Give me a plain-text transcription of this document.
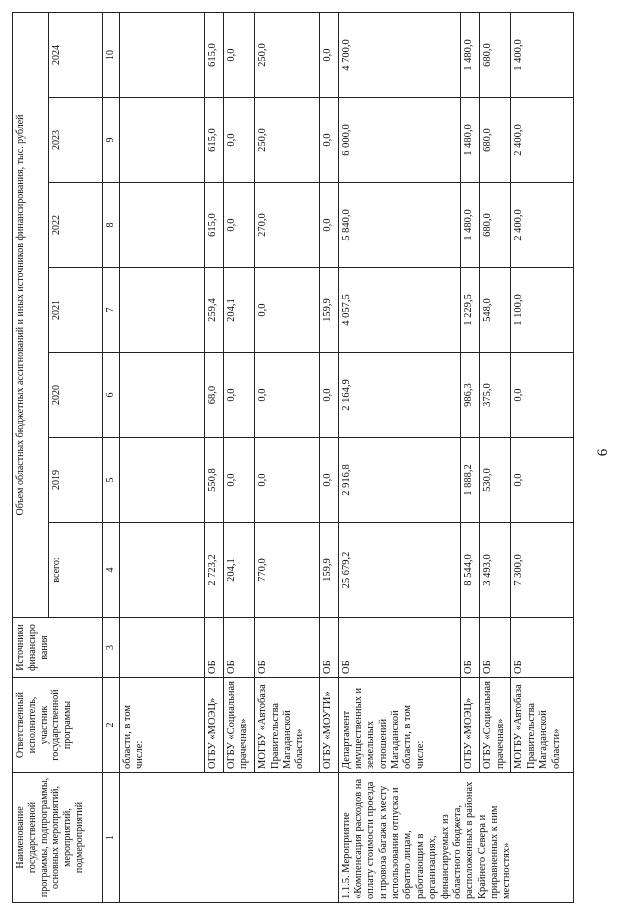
Наименование государственной программы, подпрограммы, основных мероприятий, мероприятий, подмероприятий	Ответственный исполнитель, участник государственной программы	Источники финансиро вания	Объем областных бюджетных ассигнований и иных источников финансирования, тыс. рублей						
			всего:	2019	2020	2021	2022	2023	2024
1	2	3	4	5	6	7	8	9	10
	области, в том числе:								
	ОГБУ «МОЭЦ»	ОБ	2 723,2	550,8	68,0	259,4	615,0	615,0	615,0
	ОГБУ «Социальная прачечная»	ОБ	204,1	0,0	0,0	204,1	0,0	0,0	0,0
	МОГБУ «Автобаза Правительства Магаданской области»	ОБ	770,0	0,0	0,0	0,0	270,0	250,0	250,0
	ОГБУ «МОУТИ»	ОБ	159,9	0,0	0,0	159,9	0,0	0,0	0,0
1.1.5. Мероприятие «Компенсация расходов на оплату стоимости проезда и провоза багажа к месту использования отпуска и обратно лицам, работающим в организациях, финансируемых из областного бюджета, расположенных в районах Крайнего Севера и приравненных к ним местностях»	Департамент имущественных и земельных отношений Магаданской области, в том числе:	ОБ	25 679,2	2 916,8	2 164,9	4 057,5	5 840,0	6 000,0	4 700,0
	ОГБУ «МОЭЦ»	ОБ	8 544,0	1 888,2	986,3	1 229,5	1 480,0	1 480,0	1 480,0
	ОГБУ «Социальная прачечная»	ОБ	3 493,0	530,0	375,0	548,0	680,0	680,0	680,0
	МОГБУ «Автобаза Правительства Магаданской области»	ОБ	7 300,0	0,0	0,0	1 100,0	2 400,0	2 400,0	1 400,0
6
